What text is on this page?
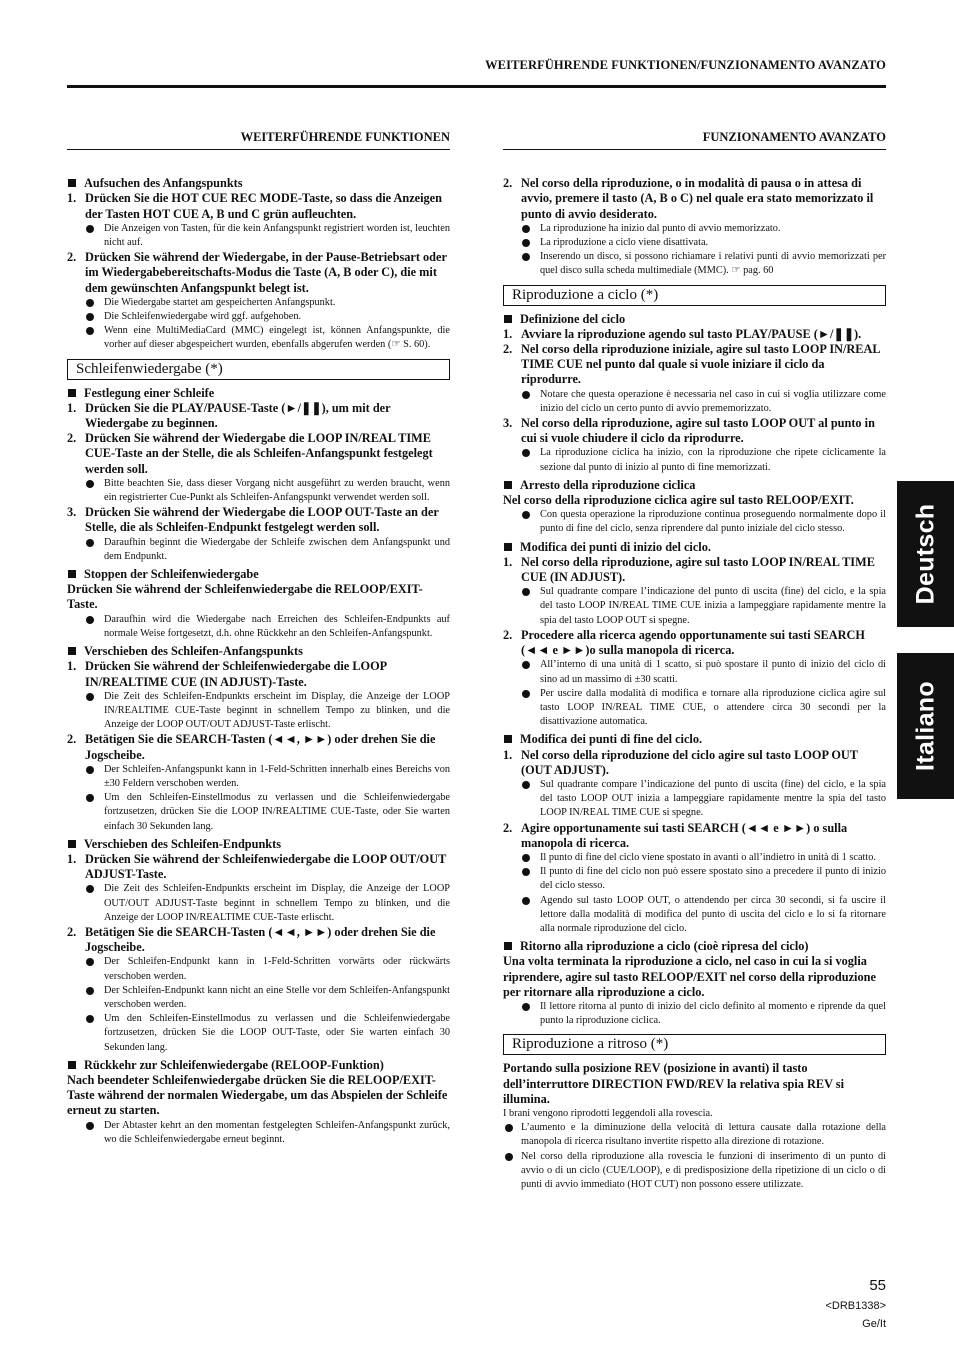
WEITERFÜHRENDE FUNKTIONEN/FUNZIONAMENTO AVANZATO
WEITERFÜHRENDE FUNKTIONEN
Aufsuchen des Anfangspunkts
1. Drücken Sie die HOT CUE REC MODE-Taste, so dass die Anzeigen der Tasten HOT CUE A, B und C grün aufleuchten.
Die Anzeigen von Tasten, für die kein Anfangspunkt registriert worden ist, leuchten nicht auf.
2. Drücken Sie während der Wiedergabe, in der Pause-Betriebsart oder im Wiedergabebereitschafts-Modus die Taste (A, B oder C), die mit dem gewünschten Anfangspunkt belegt ist.
Die Wiedergabe startet am gespeicherten Anfangspunkt.
Die Schleifenwiedergabe wird ggf. aufgehoben.
Wenn eine MultiMediaCard (MMC) eingelegt ist, können Anfangspunkte, die vorher auf dieser abgespeichert wurden, ebenfalls abgerufen werden (☞ S. 60).
Schleifenwiedergabe (*)
Festlegung einer Schleife
1. Drücken Sie die PLAY/PAUSE-Taste (►/❚❚), um mit der Wiedergabe zu beginnen.
2. Drücken Sie während der Wiedergabe die LOOP IN/REAL TIME CUE-Taste an der Stelle, die als Schleifen-Anfangspunkt festgelegt werden soll.
Bitte beachten Sie, dass dieser Vorgang nicht ausgeführt zu werden braucht, wenn ein registrierter Cue-Punkt als Schleifen-Anfangspunkt verwendet werden soll.
3. Drücken Sie während der Wiedergabe die LOOP OUT-Taste an der Stelle, die als Schleifen-Endpunkt festgelegt werden soll.
Daraufhin beginnt die Wiedergabe der Schleife zwischen dem Anfangspunkt und dem Endpunkt.
Stoppen der Schleifenwiedergabe
Drücken Sie während der Schleifenwiedergabe die RELOOP/EXIT-Taste.
Daraufhin wird die Wiedergabe nach Erreichen des Schleifen-Endpunkts auf normale Weise fortgesetzt, d.h. ohne Rückkehr an den Schleifen-Anfangspunkt.
Verschieben des Schleifen-Anfangspunkts
1. Drücken Sie während der Schleifenwiedergabe die LOOP IN/REALTIME CUE (IN ADJUST)-Taste.
Die Zeit des Schleifen-Endpunkts erscheint im Display, die Anzeige der LOOP IN/REALTIME CUE-Taste beginnt in schnellem Tempo zu blinken, und die Anzeige der LOOP OUT/OUT ADJUST-Taste erlischt.
2. Betätigen Sie die SEARCH-Tasten (◄◄, ►►) oder drehen Sie die Jogscheibe.
Der Schleifen-Anfangspunkt kann in 1-Feld-Schritten innerhalb eines Bereichs von ±30 Feldern verschoben werden.
Um den Schleifen-Einstellmodus zu verlassen und die Schleifenwiedergabe fortzusetzen, drücken Sie die LOOP IN/REALTIME CUE-Taste, oder Sie warten einfach 30 Sekunden lang.
Verschieben des Schleifen-Endpunkts
1. Drücken Sie während der Schleifenwiedergabe die LOOP OUT/OUT ADJUST-Taste.
Die Zeit des Schleifen-Endpunkts erscheint im Display, die Anzeige der LOOP OUT/OUT ADJUST-Taste beginnt in schnellem Tempo zu blinken, und die Anzeige der LOOP IN/REALTIME CUE-Taste erlischt.
2. Betätigen Sie die SEARCH-Tasten (◄◄, ►►) oder drehen Sie die Jogscheibe.
Der Schleifen-Endpunkt kann in 1-Feld-Schritten vorwärts oder rückwärts verschoben werden.
Der Schleifen-Endpunkt kann nicht an eine Stelle vor dem Schleifen-Anfangspunkt verschoben werden.
Um den Schleifen-Einstellmodus zu verlassen und die Schleifenwiedergabe fortzusetzen, drücken Sie die LOOP OUT-Taste, oder Sie warten einfach 30 Sekunden lang.
Rückkehr zur Schleifenwiedergabe (RELOOP-Funktion)
Nach beendeter Schleifenwiedergabe drücken Sie die RELOOP/EXIT-Taste während der normalen Wiedergabe, um das Abspielen der Schleife erneut zu starten.
Der Abtaster kehrt an den momentan festgelegten Schleifen-Anfangspunkt zurück, wo die Schleifenwiedergabe erneut beginnt.
FUNZIONAMENTO AVANZATO
2. Nel corso della riproduzione, o in modalità di pausa o in attesa di avvio, premere il tasto (A, B o C) nel quale era stato memorizzato il punto di avvio desiderato.
La riproduzione ha inizio dal punto di avvio memorizzato.
La riproduzione a ciclo viene disattivata.
Inserendo un disco, si possono richiamare i relativi punti di avvio memorizzati per quel disco sulla scheda multimediale (MMC). ☞ pag. 60
Riproduzione a ciclo (*)
Definizione del ciclo
1. Avviare la riproduzione agendo sul tasto PLAY/PAUSE (►/❚❚).
2. Nel corso della riproduzione iniziale, agire sul tasto LOOP IN/REAL TIME CUE nel punto dal quale si vuole iniziare il ciclo da riprodurre.
Notare che questa operazione è necessaria nel caso in cui si voglia utilizzare come inizio del ciclo un certo punto di avvio prememorizzato.
3. Nel corso della riproduzione, agire sul tasto LOOP OUT al punto in cui si vuole chiudere il ciclo da riprodurre.
La riproduzione ciclica ha inizio, con la riproduzione che ripete ciclicamente la sezione dal punto di inizio al punto di fine memorizzati.
Arresto della riproduzione ciclica
Nel corso della riproduzione ciclica agire sul tasto RELOOP/EXIT.
Con questa operazione la riproduzione continua proseguendo normalmente dopo il punto di fine del ciclo, senza riprendere dal punto iniziale del ciclo stesso.
Modifica dei punti di inizio del ciclo.
1. Nel corso della riproduzione, agire sul tasto LOOP IN/REAL TIME CUE (IN ADJUST).
Sul quadrante compare l’indicazione del punto di uscita (fine) del ciclo, e la spia del tasto LOOP IN/REAL TIME CUE inizia a lampeggiare rapidamente mentre la spia del tasto LOOP OUT si spegne.
2. Procedere alla ricerca agendo opportunamente sui tasti SEARCH (◄◄ e ►►)o sulla manopola di ricerca.
All’interno di una unità di 1 scatto, si può spostare il punto di inizio del ciclo di sino ad un massimo di ±30 scatti.
Per uscire dalla modalità di modifica e tornare alla riproduzione ciclica agire sul tasto LOOP IN/REAL TIME CUE, o attendere circa 30 secondi per la disattivazione automatica.
Modifica dei punti di fine del ciclo.
1. Nel corso della riproduzione del ciclo agire sul tasto LOOP OUT (OUT ADJUST).
Sul quadrante compare l’indicazione del punto di uscita (fine) del ciclo, e la spia del tasto LOOP OUT inizia a lampeggiare rapidamente mentre la spia del tasto LOOP IN/REAL TIME CUE si spegne.
2. Agire opportunamente sui tasti SEARCH (◄◄ e ►►) o sulla manopola di ricerca.
Il punto di fine del ciclo viene spostato in avanti o all’indietro in unità di 1 scatto.
Il punto di fine del ciclo non può essere spostato sino a precedere il punto di inizio del ciclo stesso.
Agendo sul tasto LOOP OUT, o attendendo per circa 30 secondi, si fa uscire il lettore dalla modalità di modifica del punto di uscita del ciclo e lo si fa ritornare alla normale riproduzione del ciclo.
Ritorno alla riproduzione a ciclo (cioè ripresa del ciclo)
Una volta terminata la riproduzione a ciclo, nel caso in cui la si voglia riprendere, agire sul tasto RELOOP/EXIT nel corso della riproduzione per ritornare alla riproduzione a ciclo.
Il lettore ritorna al punto di inizio del ciclo definito al momento e riprende da quel punto la riproduzione ciclica.
Riproduzione a ritroso (*)
Portando sulla posizione REV (posizione in avanti) il tasto dell’interruttore DIRECTION FWD/REV la relativa spia REV si illumina.
I brani vengono riprodotti leggendoli alla rovescia.
L’aumento e la diminuzione della velocità di lettura causate dalla rotazione della manopola di ricerca risultano invertite rispetto alla direzione di rotazione.
Nel corso della riproduzione alla rovescia le funzioni di inserimento di un punto di avvio o di un ciclo (CUE/LOOP), e di predisposizione della ripetizione di un ciclo o di punti di avvio immediato (HOT CUT) non possono essere utilizzate.
Deutsch
Italiano
55
<DRB1338>
Ge/It
